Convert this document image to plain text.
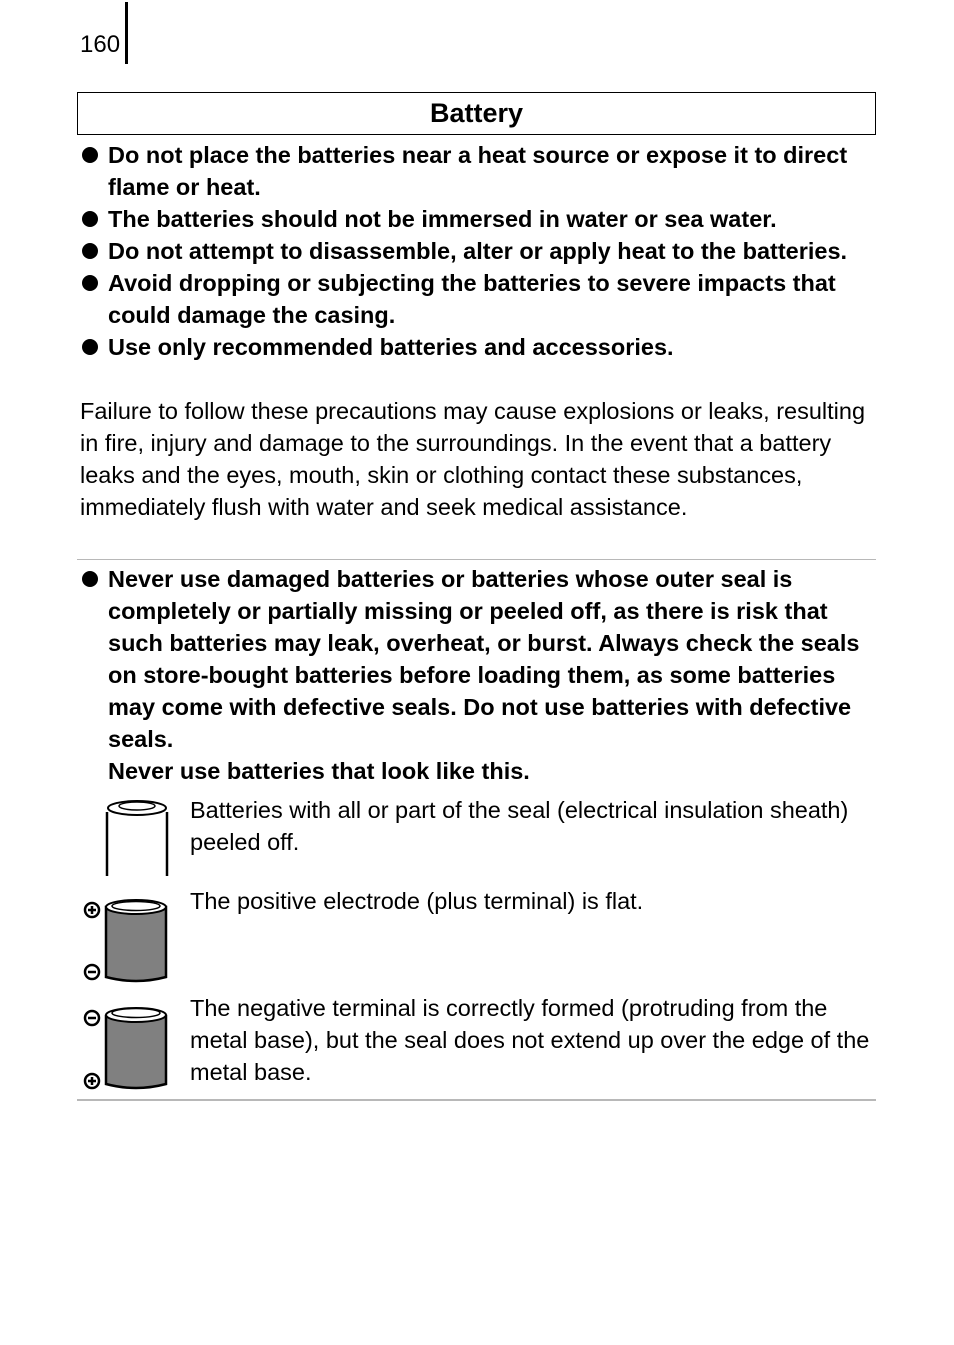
160
Battery
Do not place the batteries near a heat source or expose it to direct flame or heat.
The batteries should not be immersed in water or sea water.
Do not attempt to disassemble, alter or apply heat to the batteries.
Avoid dropping or subjecting the batteries to severe impacts that could damage the casing.
Use only recommended batteries and accessories.

Failure to follow these precautions may cause explosions or leaks, resulting in fire, injury and damage to the surroundings. In the event that a battery leaks and the eyes, mouth, skin or clothing contact these substances, immediately flush with water and seek medical assistance.

Never use damaged batteries or batteries whose outer seal is completely or partially missing or peeled off, as there is risk that such batteries may leak, overheat, or burst. Always check the seals on store-bought batteries before loading them, as some batteries may come with defective seals. Do not use batteries with defective seals.
Never use batteries that look like this.
Batteries with all or part of the seal (electrical insulation sheath) peeled off.
The positive electrode (plus terminal) is flat.
The negative terminal is correctly formed (protruding from the metal base), but the seal does not extend up over the edge of the metal base.
